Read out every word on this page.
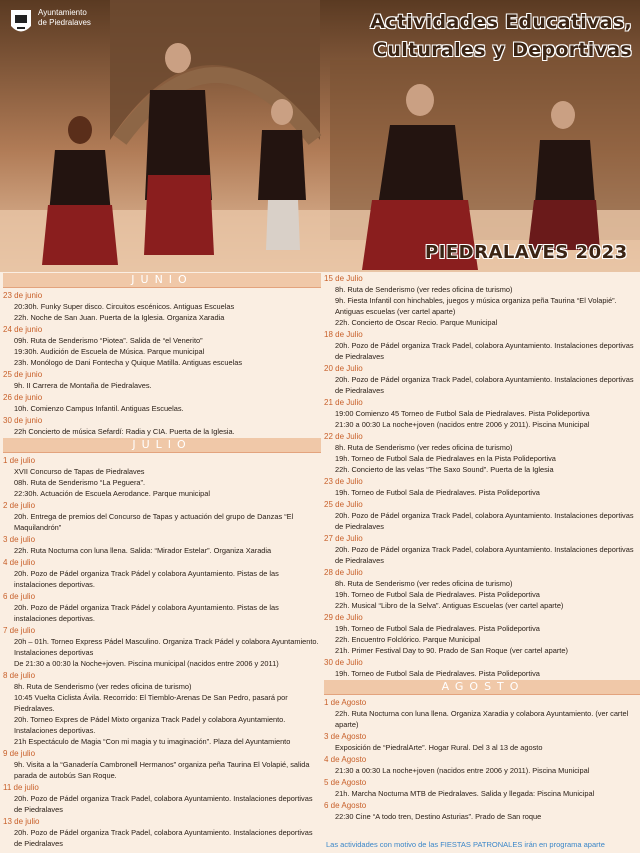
Ayuntamiento
de Piedralaves	Actividades Educativas,
Culturales y Deportivas
PIEDRALAVES 2023
JUNIO
23 de junio
20:30h. Funky Super disco. Circuitos escénicos. Antiguas Escuelas
22h. Noche de San Juan. Puerta de la Iglesia. Organiza Xaradia
24 de junio
09h. Ruta de Senderismo “Piotea”. Salida de “el Venerito”
19:30h. Audición de Escuela de Música. Parque municipal
23h. Monólogo de Dani Fontecha y Quique Matilla. Antiguas escuelas
25 de junio
9h. II Carrera de Montaña de Piedralaves.
26 de junio
10h. Comienzo Campus Infantil. Antiguas Escuelas.
30 de junio
22h Concierto de música Sefardí: Radia y CIA. Puerta de la Iglesia.
JULIO
1 de julio
XVII Concurso de Tapas de Piedralaves
08h. Ruta de Senderismo “La Peguera”.
22:30h. Actuación de Escuela Aerodance. Parque municipal
2 de julio
20h. Entrega de premios del Concurso de Tapas y actuación del grupo de Danzas “El Maquilandrón”
3 de julio
22h. Ruta Nocturna con luna llena. Salida: “Mirador Estelar”. Organiza Xaradia
4 de julio
20h. Pozo de Pádel organiza Track Pádel y colabora Ayuntamiento. Pistas de las instalaciones deportivas.
6 de julio
20h. Pozo de Pádel organiza Track Pádel y colabora Ayuntamiento. Pistas de las instalaciones deportivas.
7 de julio
20h – 01h. Torneo Express Pádel Masculino. Organiza Track Pádel y colabora Ayuntamiento. Instalaciones deportivas
De 21:30 a 00:30 la Noche+joven. Piscina municipal (nacidos entre 2006 y 2011)
8 de julio
8h. Ruta de Senderismo (ver redes oficina de turismo)
10:45 Vuelta Ciclista Ávila. Recorrido: El Tiemblo-Arenas De San Pedro, pasará por Piedralaves.
20h. Torneo Expres de Pádel Mixto organiza Track Padel y colabora Ayuntamiento. Instalaciones deportivas.
21h Espectáculo de Magia “Con mi magia y tu imaginación”. Plaza del Ayuntamiento
9 de julio
9h. Visita a la “Ganadería Cambronell Hermanos” organiza peña Taurina El Volapié, salida parada de autobús San Roque.
11 de julio
20h. Pozo de Pádel organiza Track Padel, colabora Ayuntamiento. Instalaciones deportivas de Piedralaves
13 de julio
20h. Pozo de Pádel organiza Track Padel, colabora Ayuntamiento. Instalaciones deportivas de Piedralaves
15 de Julio
8h. Ruta de Senderismo (ver redes oficina de turismo)
9h. Fiesta Infantil con hinchables, juegos y música organiza peña Taurina “El Volapié”. Antiguas escuelas (ver cartel aparte)
22h. Concierto de Oscar Recio. Parque Municipal
18 de Julio
20h. Pozo de Pádel organiza Track Padel, colabora Ayuntamiento. Instalaciones deportivas de Piedralaves
20 de Julio
20h. Pozo de Pádel organiza Track Padel, colabora Ayuntamiento. Instalaciones deportivas de Piedralaves
21 de Julio
19:00 Comienzo 45 Torneo de Futbol Sala de Piedralaves. Pista Polideportiva
21:30 a 00:30 La noche+joven (nacidos entre 2006 y 2011). Piscina Municipal
22 de Julio
8h. Ruta de Senderismo (ver redes oficina de turismo)
19h. Torneo de Futbol Sala de Piedralaves en la Pista Polideportiva
22h. Concierto de las velas “The Saxo Sound”. Puerta de la Iglesia
23 de Julio
19h. Torneo de Futbol Sala de Piedralaves. Pista Polideportiva
25 de Julio
20h. Pozo de Pádel organiza Track Padel, colabora Ayuntamiento. Instalaciones deportivas de Piedralaves
27 de Julio
20h. Pozo de Pádel organiza Track Padel, colabora Ayuntamiento. Instalaciones deportivas de Piedralaves
28 de Julio
8h. Ruta de Senderismo (ver redes oficina de turismo)
19h. Torneo de Futbol Sala de Piedralaves. Pista Polideportiva
22h. Musical “Libro de la Selva”. Antiguas Escuelas (ver cartel aparte)
29 de Julio
19h. Torneo de Futbol Sala de Piedralaves. Pista Polideportiva
22h. Encuentro Folclórico. Parque Municipal
21h. Primer Festival Day to 90. Prado de San Roque (ver cartel aparte)
30 de Julio
19h. Torneo de Futbol Sala de Piedralaves. Pista Polideportiva
AGOSTO
1 de Agosto
22h. Ruta Nocturna con luna llena. Organiza Xaradia y colabora Ayuntamiento. (ver cartel aparte)
3 de Agosto
Exposición de “PiedralArte”. Hogar Rural. Del 3 al 13 de agosto
4 de Agosto
21:30 a 00:30 La noche+joven (nacidos entre 2006 y 2011). Piscina Municipal
5 de Agosto
21h. Marcha Nocturna MTB de Piedralaves. Salida y llegada: Piscina Municipal
6 de Agosto
22:30 Cine “A todo tren, Destino Asturias”. Prado de San roque
Las actividades con motivo de las FIESTAS PATRONALES irán en programa aparte
